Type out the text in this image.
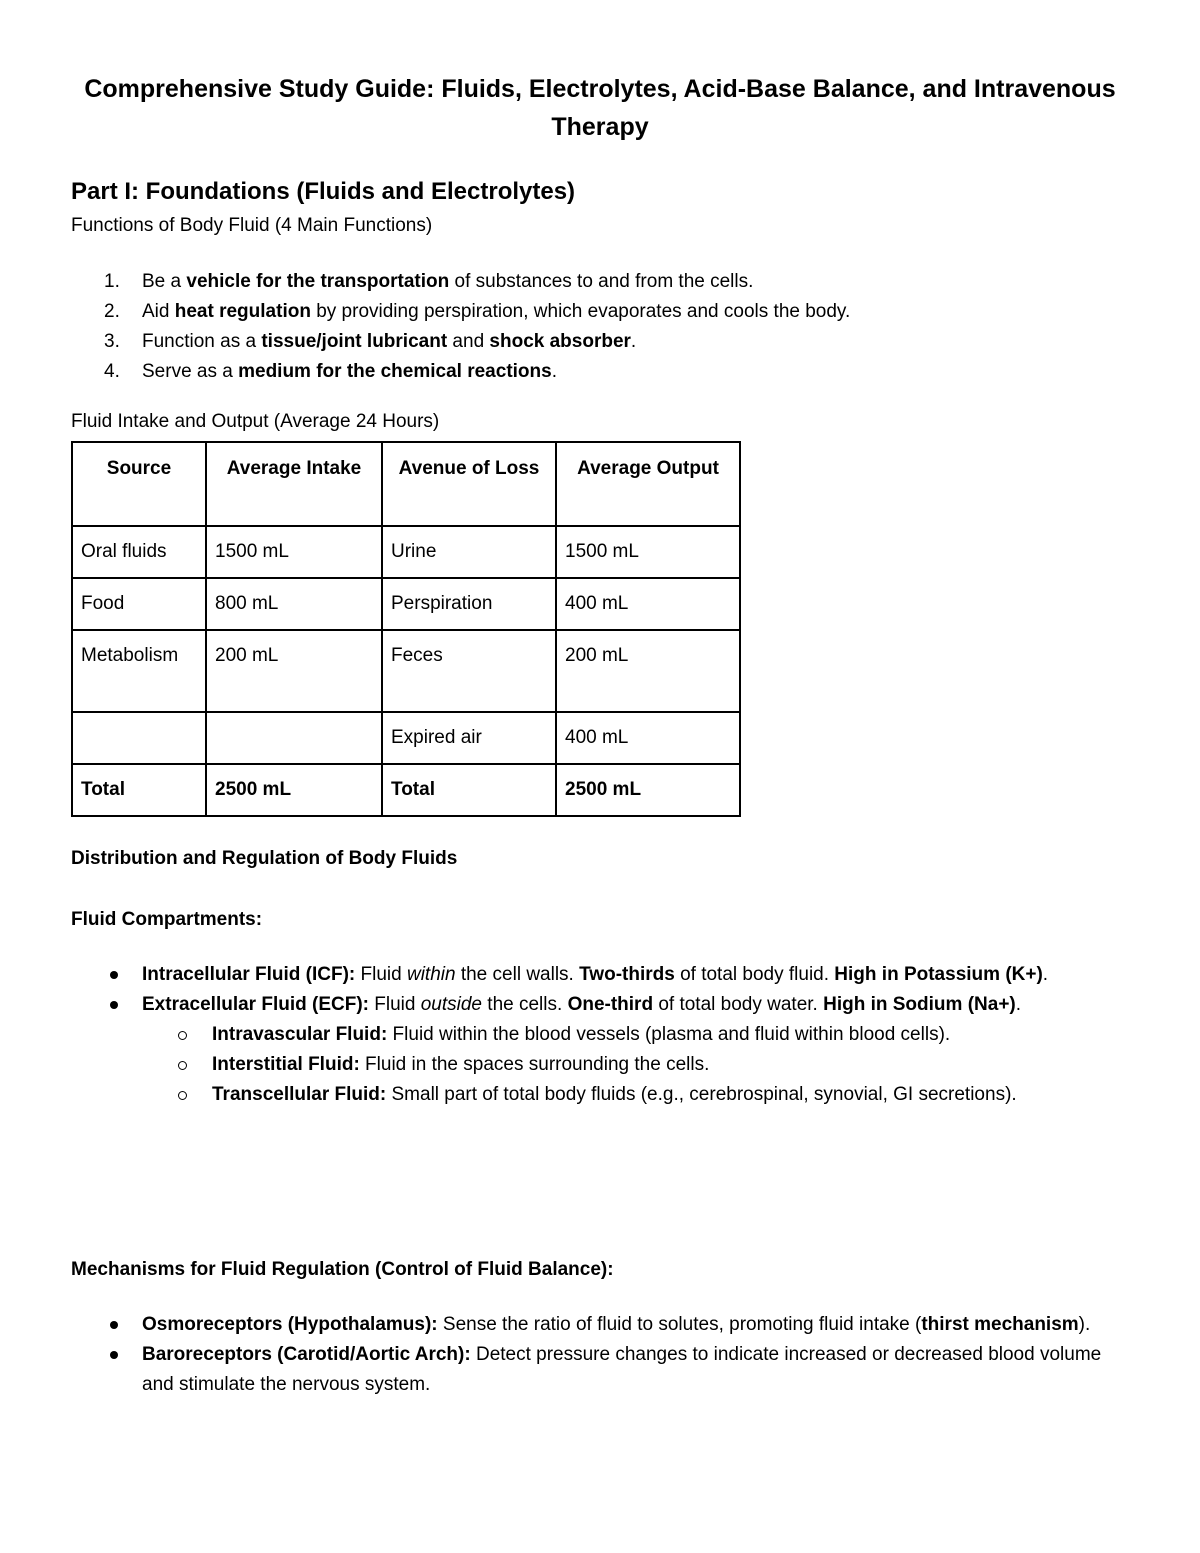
Comprehensive Study Guide: Fluids, Electrolytes, Acid-Base Balance, and Intravenous Therapy
Part I: Foundations (Fluids and Electrolytes)
Functions of Body Fluid (4 Main Functions)
1. Be a vehicle for the transportation of substances to and from the cells.
2. Aid heat regulation by providing perspiration, which evaporates and cools the body.
3. Function as a tissue/joint lubricant and shock absorber.
4. Serve as a medium for the chemical reactions.
Fluid Intake and Output (Average 24 Hours)
Source	Average Intake	Avenue of Loss	Average Output
Oral fluids	1500 mL	Urine	1500 mL
Food	800 mL	Perspiration	400 mL
Metabolism	200 mL	Feces	200 mL
		Expired air	400 mL
Total	2500 mL	Total	2500 mL
Distribution and Regulation of Body Fluids
Fluid Compartments:
Intracellular Fluid (ICF): Fluid within the cell walls. Two-thirds of total body fluid. High in Potassium (K+).
Extracellular Fluid (ECF): Fluid outside the cells. One-third of total body water. High in Sodium (Na+).
Intravascular Fluid: Fluid within the blood vessels (plasma and fluid within blood cells).
Interstitial Fluid: Fluid in the spaces surrounding the cells.
Transcellular Fluid: Small part of total body fluids (e.g., cerebrospinal, synovial, GI secretions).
Mechanisms for Fluid Regulation (Control of Fluid Balance):
Osmoreceptors (Hypothalamus): Sense the ratio of fluid to solutes, promoting fluid intake (thirst mechanism).
Baroreceptors (Carotid/Aortic Arch): Detect pressure changes to indicate increased or decreased blood volume and stimulate the nervous system.
